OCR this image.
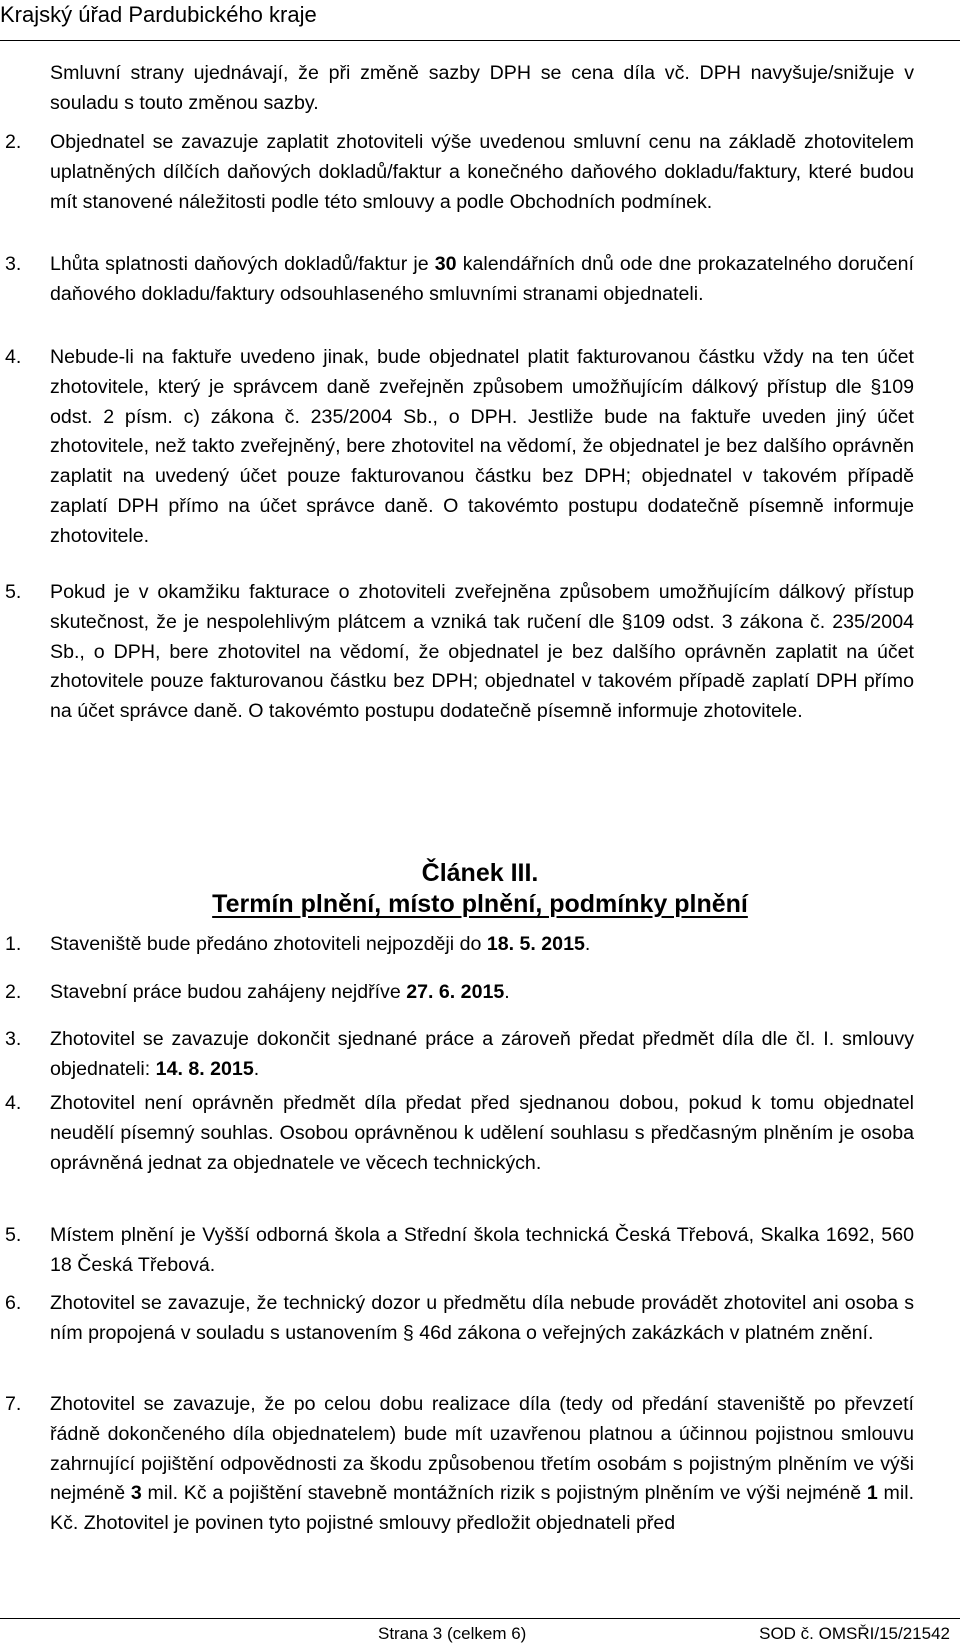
Krajský úřad Pardubického kraje
Smluvní strany ujednávají, že při změně sazby DPH se cena díla vč. DPH navyšuje/snižuje v souladu s touto změnou sazby.
2. Objednatel se zavazuje zaplatit zhotoviteli výše uvedenou smluvní cenu na základě zhotovitelem uplatněných dílčích daňových dokladů/faktur a konečného daňového dokladu/faktury, které budou mít stanovené náležitosti podle této smlouvy a podle Obchodních podmínek.
3. Lhůta splatnosti daňových dokladů/faktur je 30 kalendářních dnů ode dne prokazatelného doručení daňového dokladu/faktury odsouhlaseného smluvními stranami objednateli.
4. Nebude-li na faktuře uvedeno jinak, bude objednatel platit fakturovanou částku vždy na ten účet zhotovitele, který je správcem daně zveřejněn způsobem umožňujícím dálkový přístup dle §109 odst. 2 písm. c) zákona č. 235/2004 Sb., o DPH. Jestliže bude na faktuře uveden jiný účet zhotovitele, než takto zveřejněný, bere zhotovitel na vědomí, že objednatel je bez dalšího oprávněn zaplatit na uvedený účet pouze fakturovanou částku bez DPH; objednatel v takovém případě zaplatí DPH přímo na účet správce daně. O takovémto postupu dodatečně písemně informuje zhotovitele.
5. Pokud je v okamžiku fakturace o zhotoviteli zveřejněna způsobem umožňujícím dálkový přístup skutečnost, že je nespolehlivým plátcem a vzniká tak ručení dle §109 odst. 3 zákona č. 235/2004 Sb., o DPH, bere zhotovitel na vědomí, že objednatel je bez dalšího oprávněn zaplatit na účet zhotovitele pouze fakturovanou částku bez DPH; objednatel v takovém případě zaplatí DPH přímo na účet správce daně. O takovémto postupu dodatečně písemně informuje zhotovitele.
Článek III.
Termín plnění, místo plnění, podmínky plnění
1. Staveniště bude předáno zhotoviteli nejpozději do 18. 5. 2015.
2. Stavební práce budou zahájeny nejdříve 27. 6. 2015.
3. Zhotovitel se zavazuje dokončit sjednané práce a zároveň předat předmět díla dle čl. I. smlouvy objednateli: 14. 8. 2015.
4. Zhotovitel není oprávněn předmět díla předat před sjednanou dobou, pokud k tomu objednatel neudělí písemný souhlas. Osobou oprávněnou k udělení souhlasu s předčasným plněním je osoba oprávněná jednat za objednatele ve věcech technických.
5. Místem plnění je Vyšší odborná škola a Střední škola technická Česká Třebová, Skalka 1692, 560 18 Česká Třebová.
6. Zhotovitel se zavazuje, že technický dozor u předmětu díla nebude provádět zhotovitel ani osoba s ním propojená v souladu s ustanovením § 46d zákona o veřejných zakázkách v platném znění.
7. Zhotovitel se zavazuje, že po celou dobu realizace díla (tedy od předání staveniště po převzetí řádně dokončeného díla objednatelem) bude mít uzavřenou platnou a účinnou pojistnou smlouvu zahrnující pojištění odpovědnosti za škodu způsobenou třetím osobám s pojistným plněním ve výši nejméně 3 mil. Kč a pojištění stavebně montážních rizik s pojistným plněním ve výši nejméně 1 mil. Kč. Zhotovitel je povinen tyto pojistné smlouvy předložit objednateli před
Strana 3 (celkem 6)	SOD č. OMSŘI/15/21542
